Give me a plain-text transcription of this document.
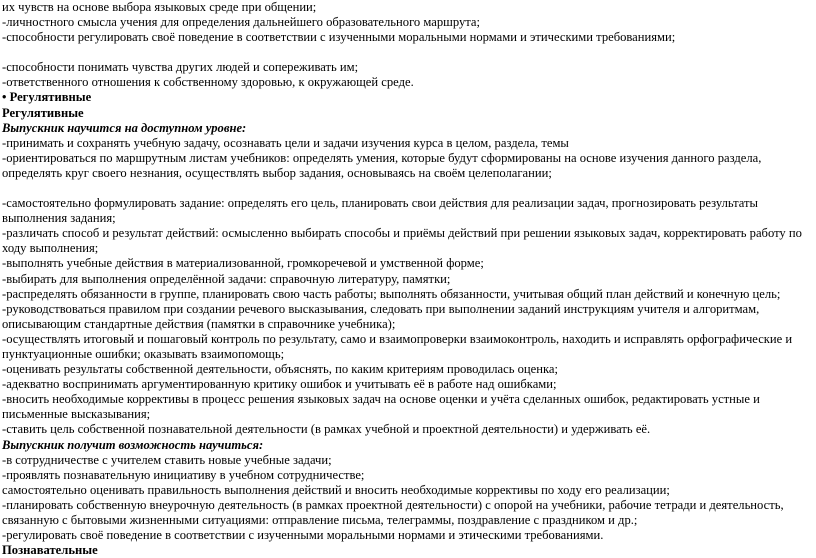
их чувств на основе выбора языковых среде при общении;

-личностного смысла учения для определения дальнейшего образовательного маршрута;

-способности регулировать своё поведение в соответствии с изученными моральными нормами и этическими требованиями;

-способности понимать чувства других людей и сопереживать им;

-ответственного отношения к собственному здоровью, к окружающей среде.

• Регулятивные

Регулятивные

Выпускник научится на доступном уровне:

-принимать и сохранять учебную задачу, осознавать цели и задачи изучения курса в целом, раздела, темы

-ориентироваться по маршрутным листам учебников: определять умения, которые будут сформированы на основе изучения данного раздела, определять круг своего незнания, осуществлять выбор задания, основываясь на своём целеполагании;

-самостоятельно формулировать задание: определять его цель, планировать свои действия для реализации задач, прогнозировать результаты выполнения задания;

-различать способ и результат действий: осмысленно выбирать способы и приёмы действий при решении языковых задач, корректировать работу по ходу выполнения;

-выполнять учебные действия в материализованной, громкоречевой и умственной форме;

-выбирать для выполнения определённой задачи: справочную литературу, памятки;

-распределять обязанности в группе, планировать свою часть работы; выполнять обязанности, учитывая общий план действий и конечную цель;

-руководствоваться правилом при создании речевого высказывания, следовать при выполнении заданий инструкциям учителя и алгоритмам, описывающим стандартные действия (памятки в справочнике учебника);

-осуществлять итоговый и пошаговый контроль по результату, само и взаимопроверки взаимоконтроль, находить и исправлять орфографические и пунктуационные ошибки; оказывать взаимопомощь;

-оценивать результаты собственной деятельности, объяснять, по каким критериям проводилась оценка;

-адекватно воспринимать аргументированную критику ошибок и учитывать её в работе над ошибками;

-вносить необходимые коррективы в процесс решения языковых задач на основе оценки и учёта сделанных ошибок, редактировать устные и письменные высказывания;

-ставить цель собственной познавательной деятельности (в рамках учебной и проектной деятельности) и удерживать её.

Выпускник получит возможность научиться:

-в сотрудничестве с учителем ставить новые учебные задачи;

-проявлять познавательную инициативу в учебном сотрудничестве;

самостоятельно оценивать правильность выполнения действий и вносить необходимые коррективы по ходу его реализации;

-планировать собственную внеурочную деятельность (в рамках проектной деятельности) с опорой на учебники, рабочие тетради и деятельность, связанную с бытовыми жизненными ситуациями: отправление письма, телеграммы, поздравление с праздником и др.;

-регулировать своё поведение в соответствии с изученными моральными нормами и этическими требованиями.

Познавательные
